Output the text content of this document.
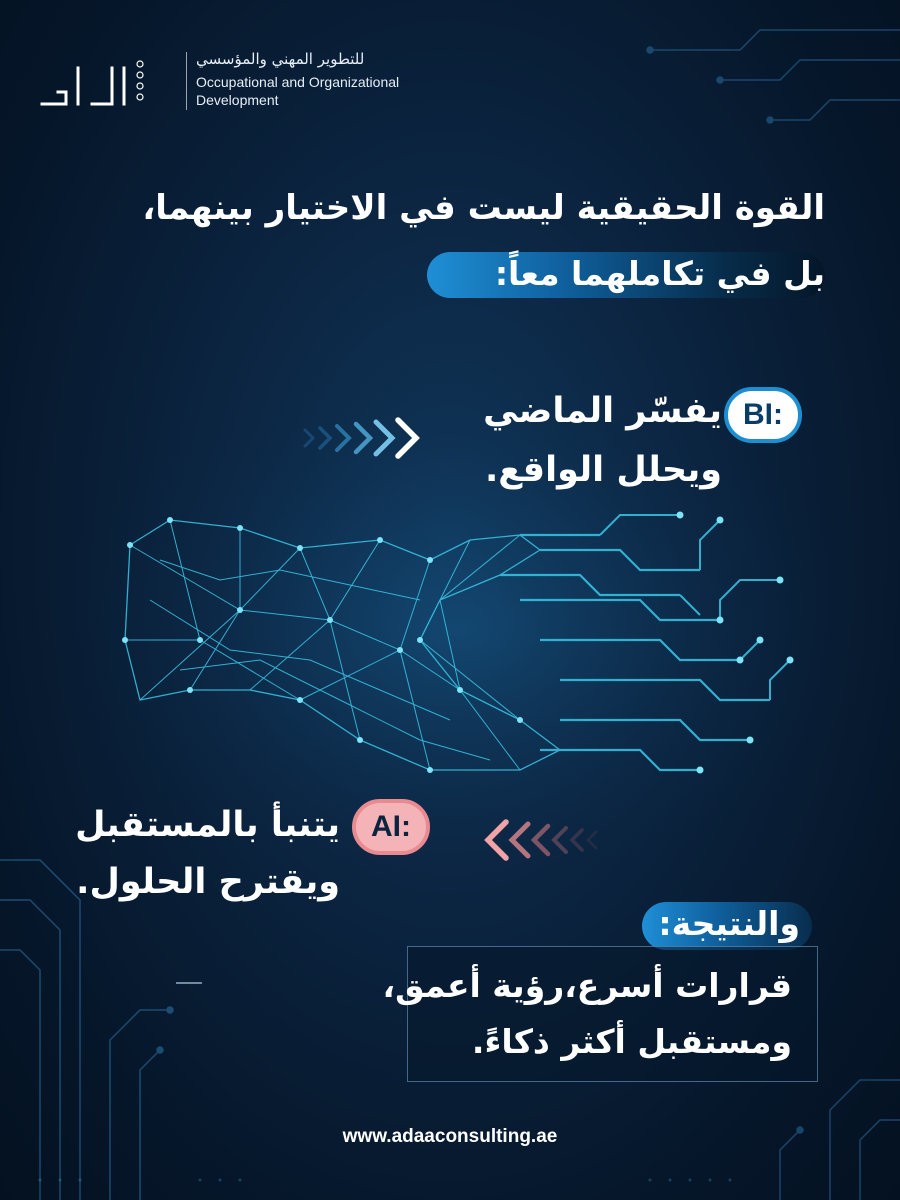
للتطوير المهني والمؤسسي
Occupational and Organizational
Development
القوة الحقيقية ليست في الاختيار بينهما،
بل في تكاملهما معاً:
BI:
يفسّر الماضي
ويحلل الواقع.
AI:
يتنبأ بالمستقبل
ويقترح الحلول.
والنتيجة:
قرارات أسرع،رؤية أعمق،
ومستقبل أكثر ذكاءً.
www.adaaconsulting.ae
